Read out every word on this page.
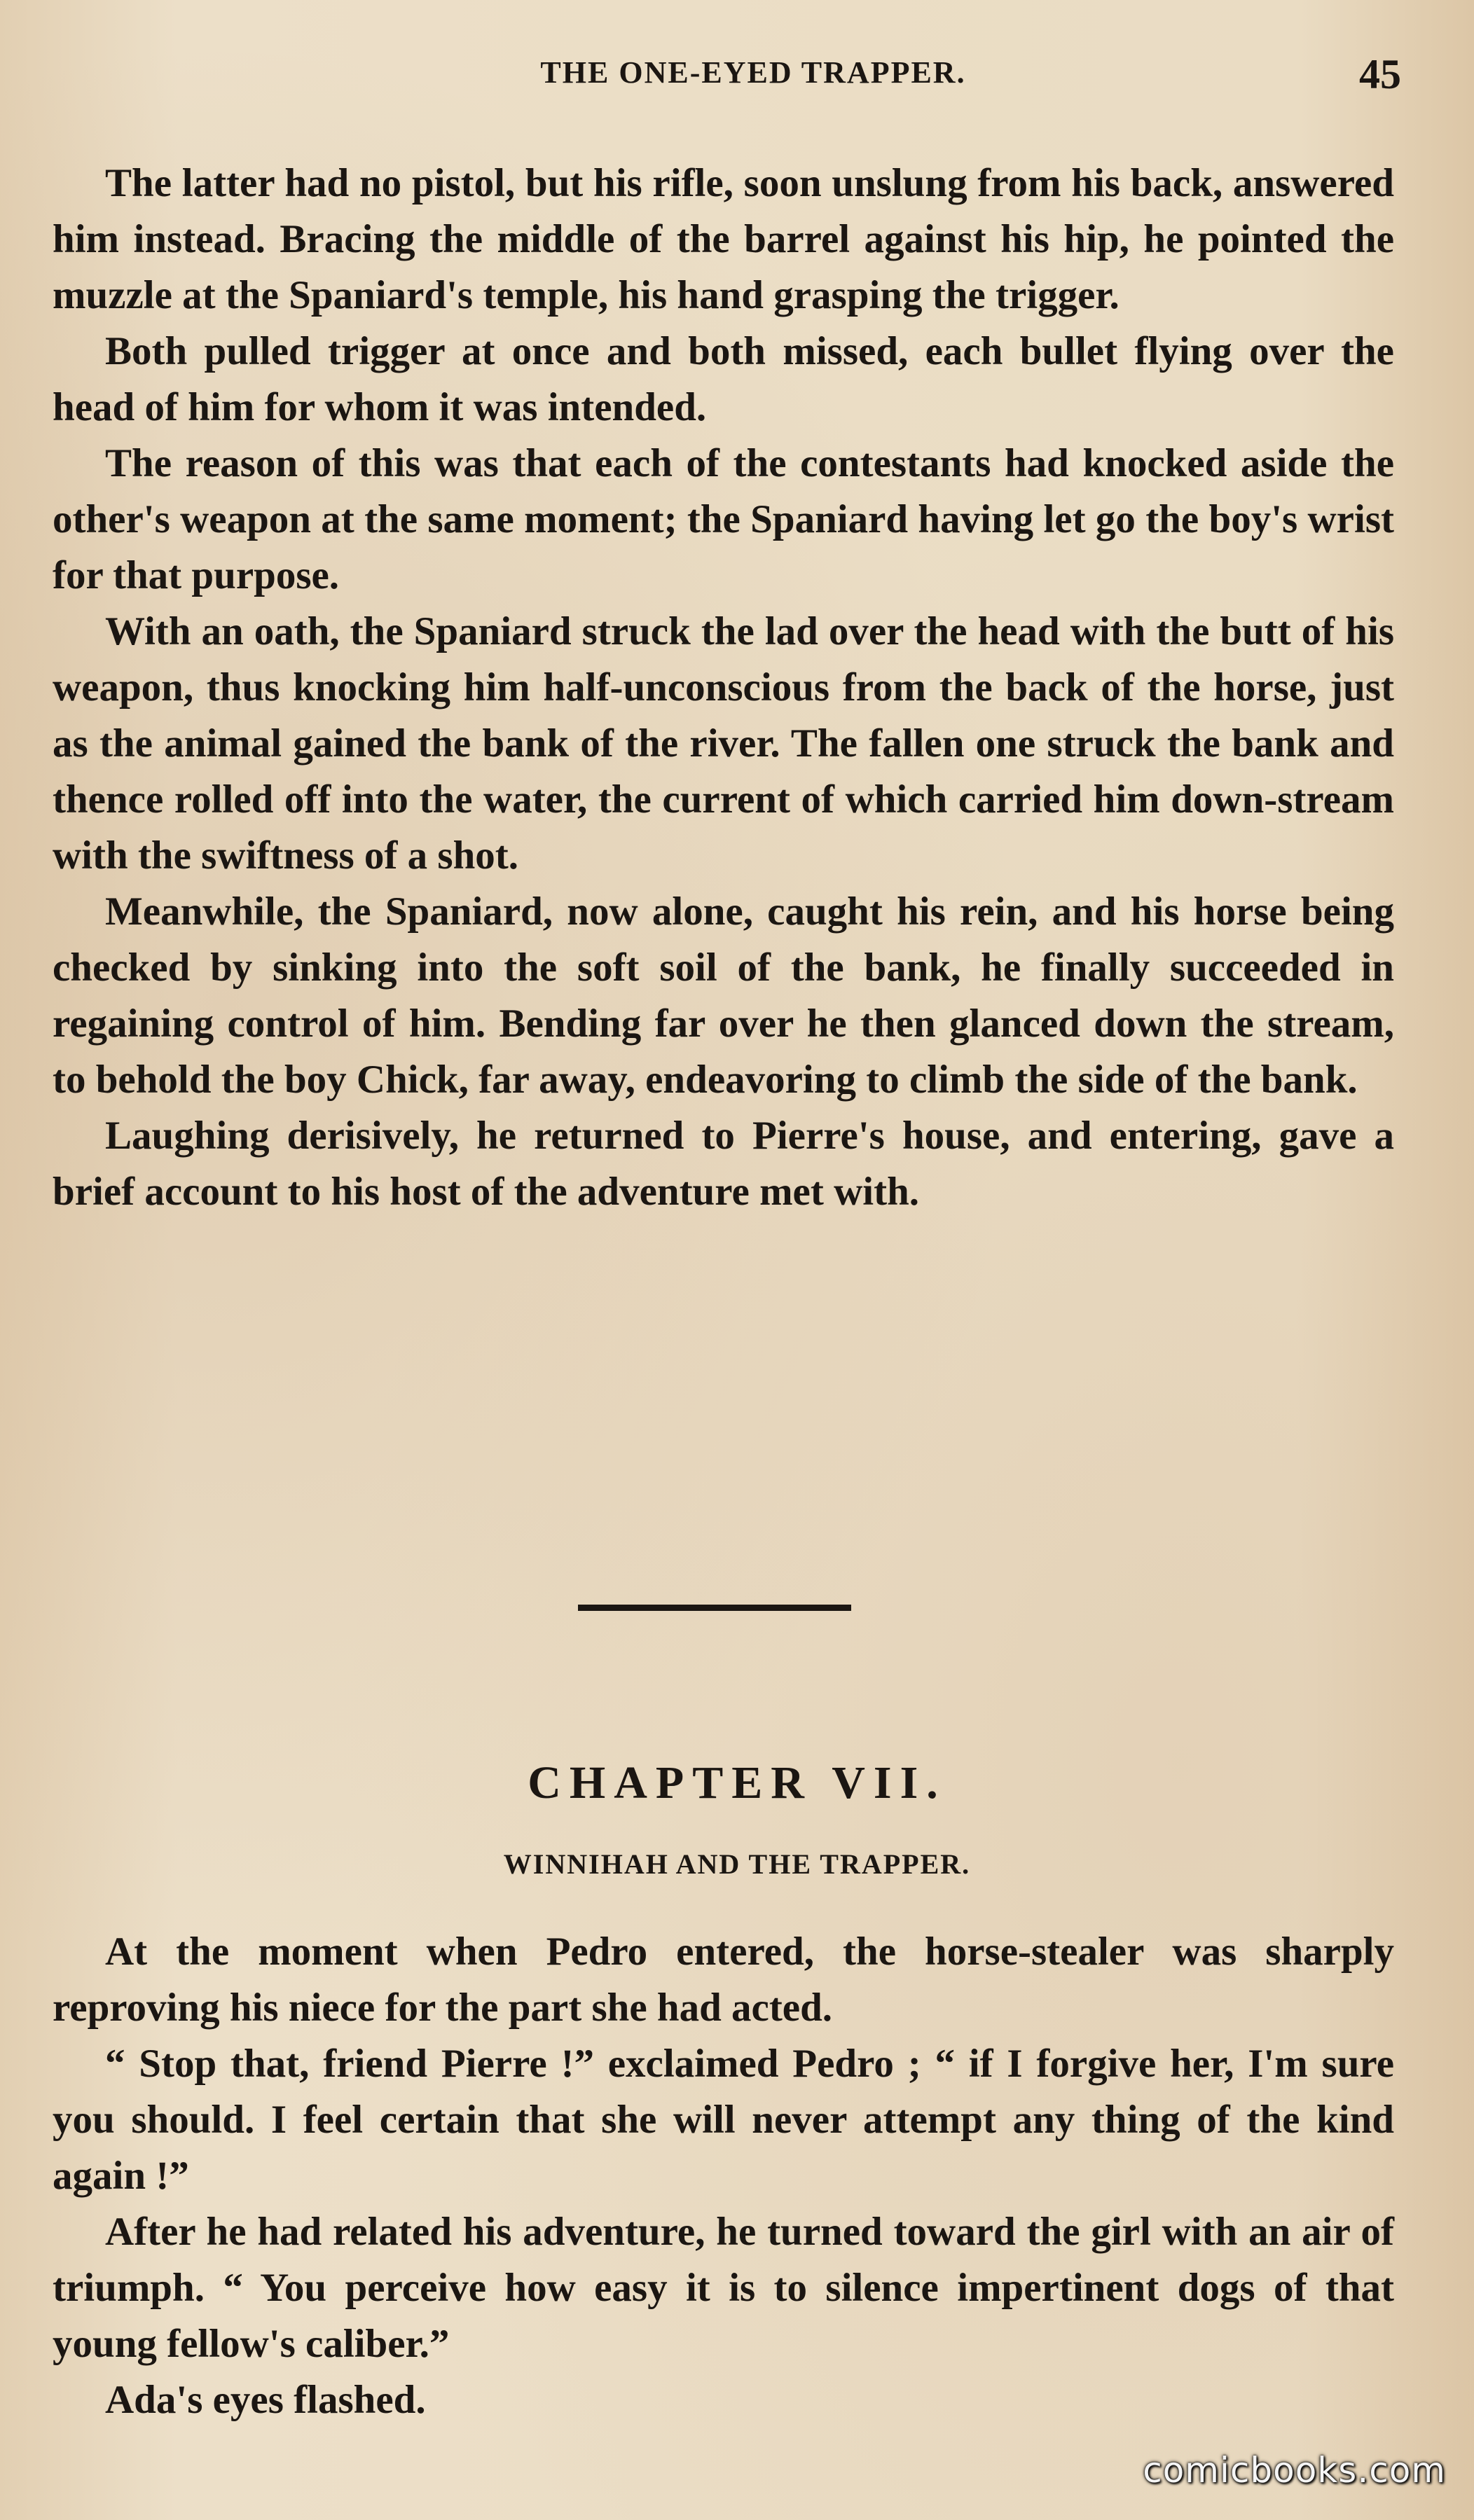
THE ONE-EYED TRAPPER.	45

The latter had no pistol, but his rifle, soon unslung from his back, answered him instead. Bracing the middle of the barrel against his hip, he pointed the muzzle at the Spaniard's temple, his hand grasping the trigger.

Both pulled trigger at once and both missed, each bullet flying over the head of him for whom it was intended.

The reason of this was that each of the contestants had knocked aside the other's weapon at the same moment; the Spaniard having let go the boy's wrist for that purpose.

With an oath, the Spaniard struck the lad over the head with the butt of his weapon, thus knocking him half-unconscious from the back of the horse, just as the animal gained the bank of the river. The fallen one struck the bank and thence rolled off into the water, the current of which carried him down-stream with the swiftness of a shot.

Meanwhile, the Spaniard, now alone, caught his rein, and his horse being checked by sinking into the soft soil of the bank, he finally succeeded in regaining control of him. Bending far over he then glanced down the stream, to behold the boy Chick, far away, endeavoring to climb the side of the bank.

Laughing derisively, he returned to Pierre's house, and entering, gave a brief account to his host of the adventure met with.

CHAPTER VII.
WINNIHAH AND THE TRAPPER.

At the moment when Pedro entered, the horse-stealer was sharply reproving his niece for the part she had acted.

“ Stop that, friend Pierre !” exclaimed Pedro ; “ if I forgive her, I'm sure you should. I feel certain that she will never attempt any thing of the kind again !”

After he had related his adventure, he turned toward the girl with an air of triumph. “ You perceive how easy it is to silence impertinent dogs of that young fellow's caliber.”

Ada's eyes flashed.

comicbooks.com
